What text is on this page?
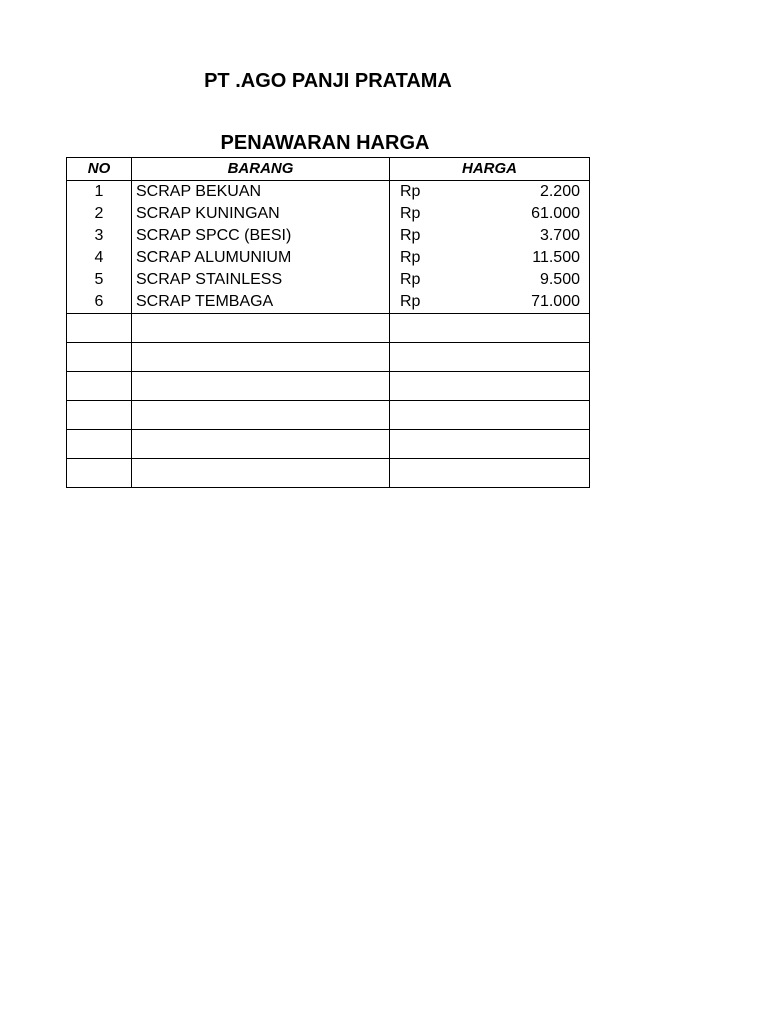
PT .AGO PANJI PRATAMA
PENAWARAN HARGA
NO	BARANG	HARGA
1	SCRAP BEKUAN	Rp 2.200

2	SCRAP KUNINGAN	Rp 61.000

3	SCRAP SPCC (BESI)	Rp 3.700

4	SCRAP ALUMUNIUM	Rp 11.500

5	SCRAP STAINLESS	Rp 9.500

6	SCRAP TEMBAGA	Rp 71.000
